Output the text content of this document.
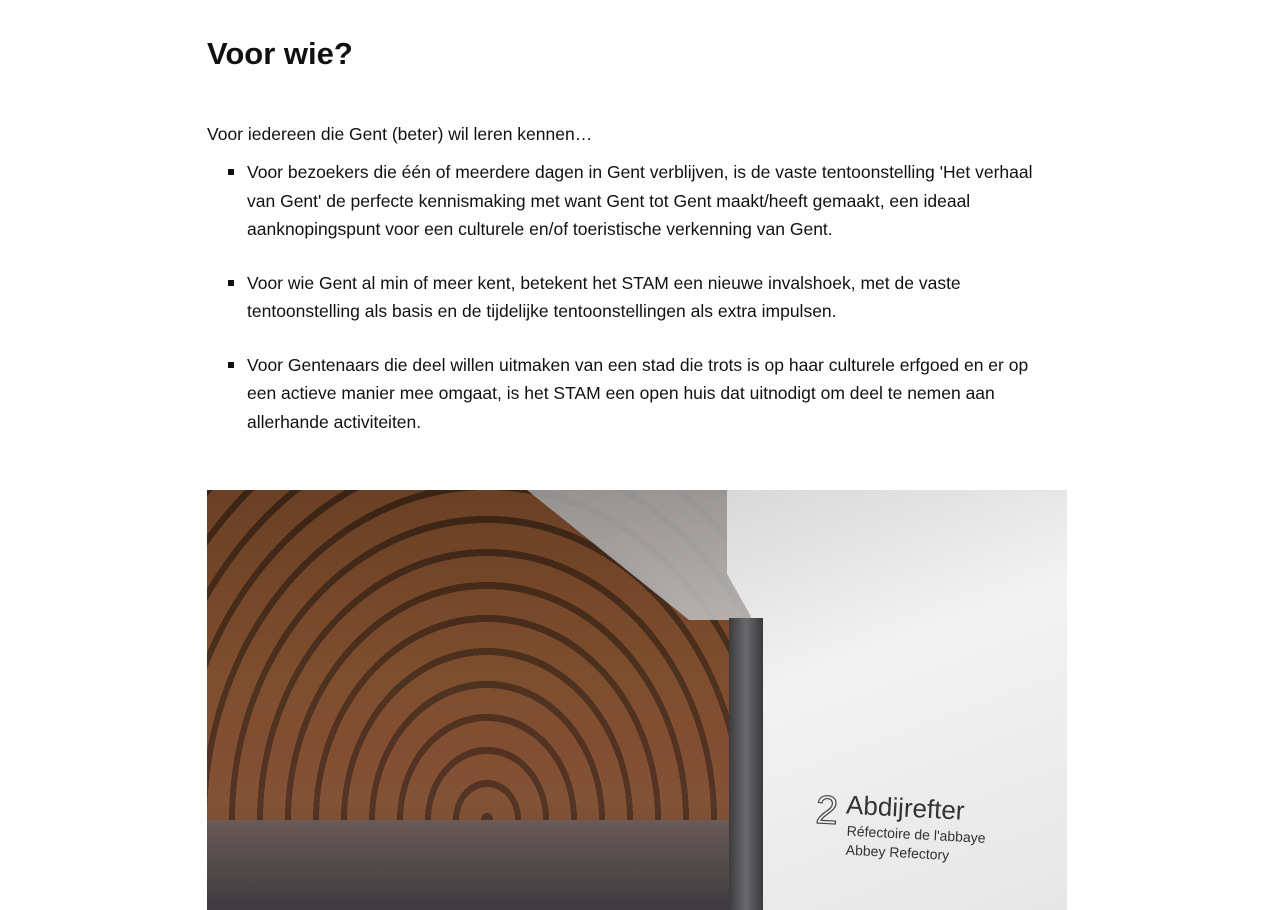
Voor wie?

Voor iedereen die Gent (beter) wil leren kennen…

Voor bezoekers die één of meerdere dagen in Gent verblijven, is de vaste tentoonstelling 'Het verhaal van Gent' de perfecte kennismaking met want Gent tot Gent maakt/heeft gemaakt, een ideaal aanknopingspunt voor een culturele en/of toeristische verkenning van Gent.
Voor wie Gent al min of meer kent, betekent het STAM een nieuwe invalshoek, met de vaste tentoonstelling als basis en de tijdelijke tentoonstellingen als extra impulsen.
Voor Gentenaars die deel willen uitmaken van een stad die trots is op haar culturele erfgoed en er op een actieve manier mee omgaat, is het STAM een open huis dat uitnodigt om deel te nemen aan allerhande activiteiten.
2 Abdijrefter
Réfectoire de l'abbaye
Abbey Refectory
